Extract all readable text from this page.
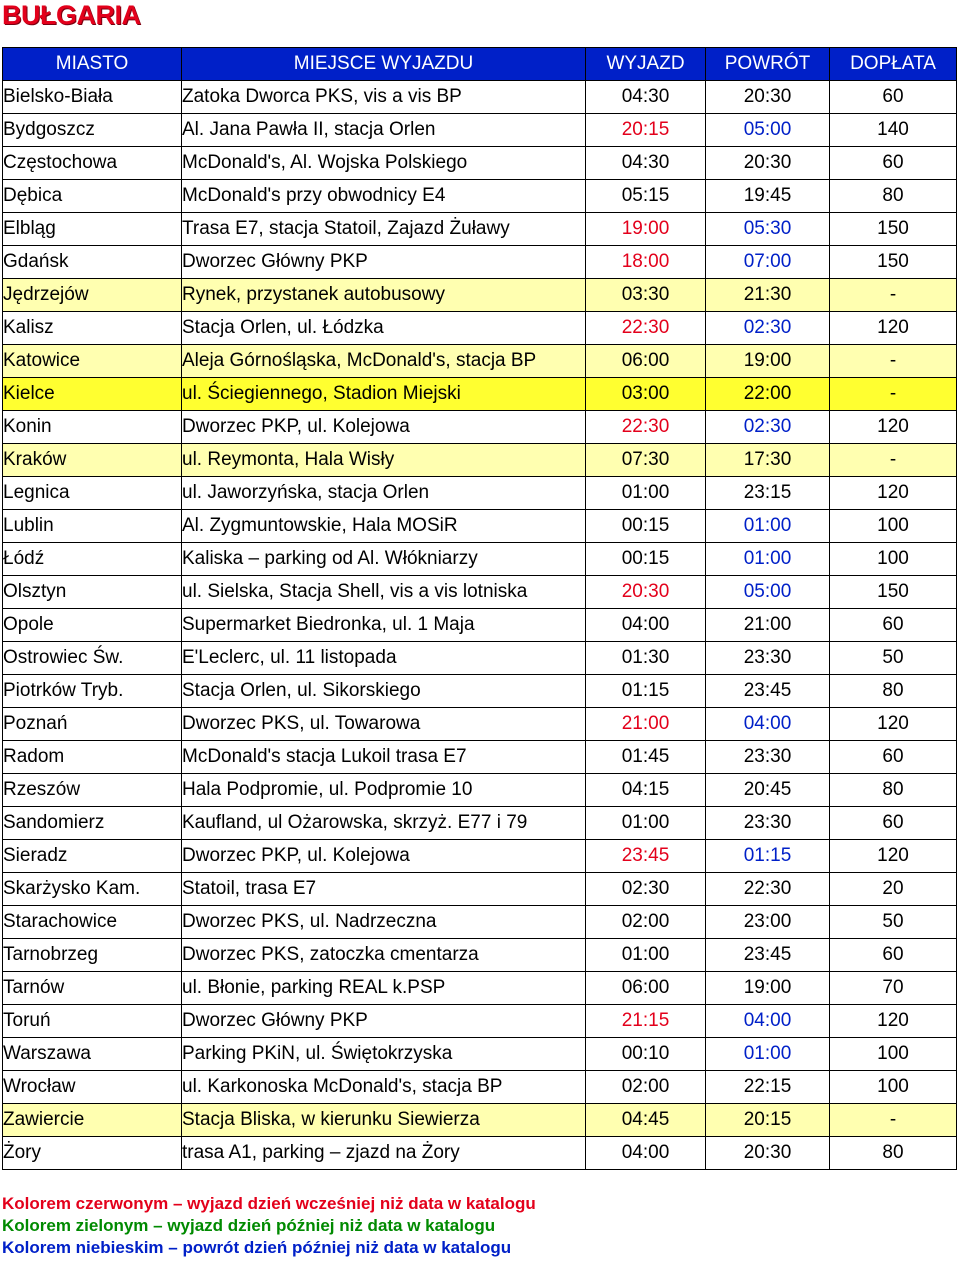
BUŁGARIA
MIASTO	MIEJSCE WYJAZDU	WYJAZD	POWRÓT	DOPŁATA
Bielsko-Biała	Zatoka Dworca PKS, vis a vis BP	04:30	20:30	60
Bydgoszcz	Al. Jana Pawła II, stacja Orlen	20:15	05:00	140
Częstochowa	McDonald's, Al. Wojska Polskiego	04:30	20:30	60
Dębica	McDonald's przy obwodnicy E4	05:15	19:45	80
Elbląg	Trasa E7, stacja Statoil, Zajazd Żuławy	19:00	05:30	150
Gdańsk	Dworzec Główny PKP	18:00	07:00	150
Jędrzejów	Rynek, przystanek autobusowy	03:30	21:30	-
Kalisz	Stacja Orlen, ul. Łódzka	22:30	02:30	120
Katowice	Aleja Górnośląska, McDonald's, stacja BP	06:00	19:00	-
Kielce	ul. Ściegiennego, Stadion Miejski	03:00	22:00	-
Konin	Dworzec PKP, ul. Kolejowa	22:30	02:30	120
Kraków	ul. Reymonta, Hala Wisły	07:30	17:30	-
Legnica	ul. Jaworzyńska, stacja Orlen	01:00	23:15	120
Lublin	Al. Zygmuntowskie, Hala MOSiR	00:15	01:00	100
Łódź	Kaliska – parking od Al. Włókniarzy	00:15	01:00	100
Olsztyn	ul. Sielska, Stacja Shell, vis a vis lotniska	20:30	05:00	150
Opole	Supermarket Biedronka, ul. 1 Maja	04:00	21:00	60
Ostrowiec Św.	E'Leclerc, ul. 11 listopada	01:30	23:30	50
Piotrków Tryb.	Stacja Orlen, ul. Sikorskiego	01:15	23:45	80
Poznań	Dworzec PKS, ul. Towarowa	21:00	04:00	120
Radom	McDonald's stacja Lukoil trasa E7	01:45	23:30	60
Rzeszów	Hala Podpromie, ul. Podpromie 10	04:15	20:45	80
Sandomierz	Kaufland, ul Ożarowska, skrzyż. E77 i 79	01:00	23:30	60
Sieradz	Dworzec PKP, ul. Kolejowa	23:45	01:15	120
Skarżysko Kam.	Statoil, trasa E7	02:30	22:30	20
Starachowice	Dworzec PKS, ul. Nadrzeczna	02:00	23:00	50
Tarnobrzeg	Dworzec PKS, zatoczka cmentarza	01:00	23:45	60
Tarnów	ul. Błonie, parking REAL k.PSP	06:00	19:00	70
Toruń	Dworzec Główny PKP	21:15	04:00	120
Warszawa	Parking PKiN, ul. Świętokrzyska	00:10	01:00	100
Wrocław	ul. Karkonoska McDonald's, stacja BP	02:00	22:15	100
Zawiercie	Stacja Bliska, w kierunku Siewierza	04:45	20:15	-
Żory	trasa A1, parking – zjazd na Żory	04:00	20:30	80
Kolorem czerwonym – wyjazd dzień wcześniej niż data w katalogu
Kolorem zielonym – wyjazd dzień później niż data w katalogu
Kolorem niebieskim – powrót dzień później niż data w katalogu
